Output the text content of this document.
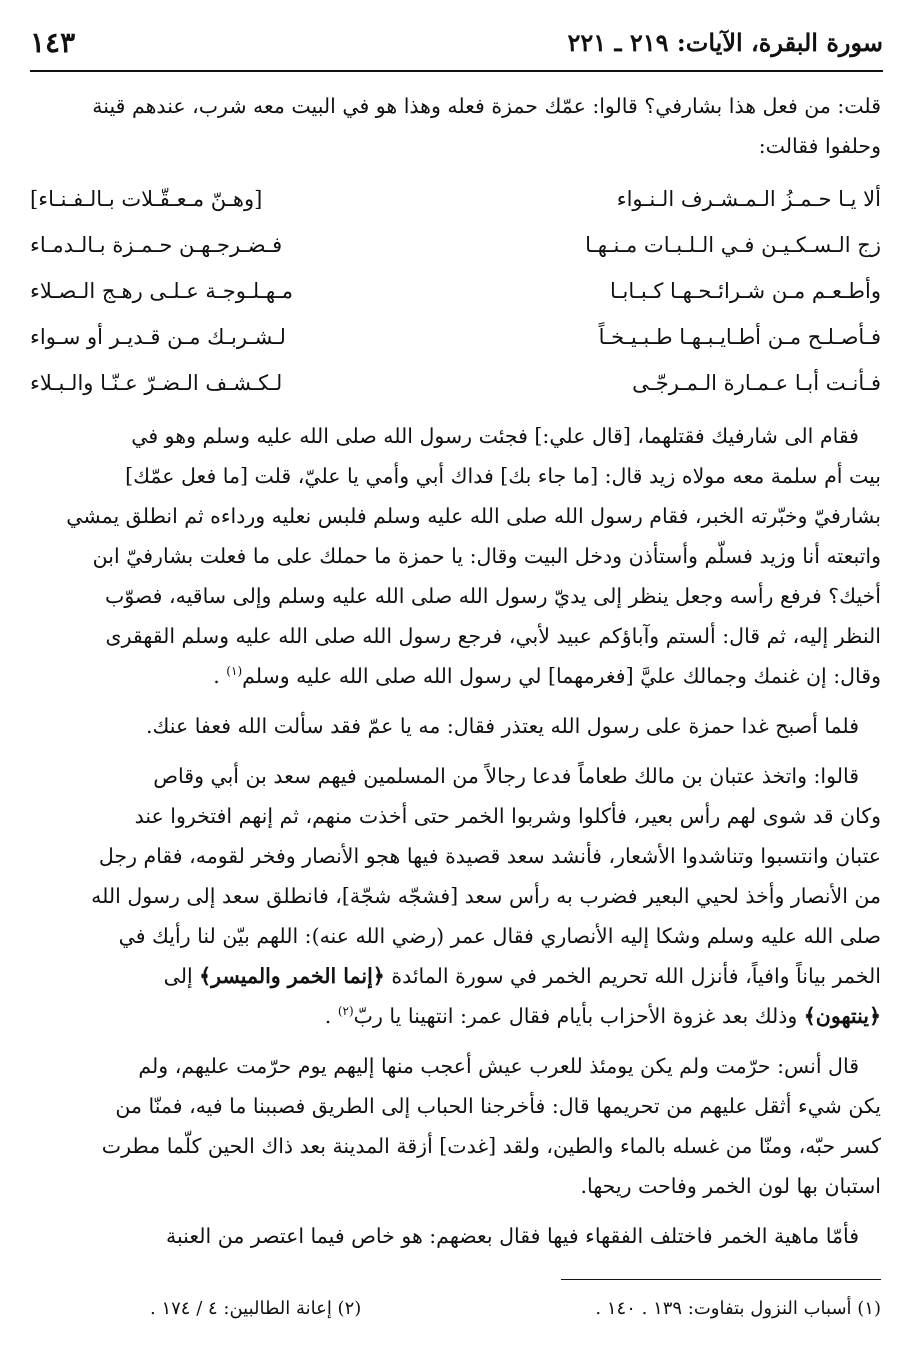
سورة البقرة، الآيات: ٢١٩ ـ ٢٢١
١٤٣

قلت: من فعل هذا بشارفي؟ قالوا: عمّك حمزة فعله وهذا هو في البيت معه شرب، عندهم قينة

وحلفوا فقالت:

ألا يـا حـمـزُ الـمـشـرف الـنـواء
[وهـنّ مـعـقّـلات بـالـفـنـاء]
زج الـسـكـيـن فـي الـلـبـات مـنـهـا
فـضـرجـهـن حـمـزة بـالـدمـاء
وأطـعـم مـن شـرائـحـهـا كـبـابـا
مـهـلـوجـة عـلـى رهـج الـصـلاء
فـأصـلـح مـن أطـايـبـهـا طـبـيـخـاً
لـشـربـك مـن قـديـر أو سـواء
فـأنـت أبـا عـمـارة الـمـرجّـى
لـكـشـف الـضـرّ عـنّـا والـبـلاء

فقام الى شارفيك فقتلهما، [قال علي:] فجئت رسول الله صلى الله عليه وسلم وهو في

بيت أم سلمة معه مولاه زيد قال: [ما جاء بك] فداك أبي وأمي يا عليّ، قلت [ما فعل عمّك]

بشارفيّ وخبّرته الخبر، فقام رسول الله صلى الله عليه وسلم فلبس نعليه ورداءه ثم انطلق يمشي

واتبعته أنا وزيد فسلّم وأستأذن ودخل البيت وقال: يا حمزة ما حملك على ما فعلت بشارفيّ ابن

أخيك؟ فرفع رأسه وجعل ينظر إلى يديّ رسول الله صلى الله عليه وسلم وإلى ساقيه، فصوّب

النظر إليه، ثم قال: ألستم وآباؤكم عبيد لأبي، فرجع رسول الله صلى الله عليه وسلم القهقرى

وقال: إن غنمك وجمالك عليَّ [فغرمهما] لي رسول الله صلى الله عليه وسلم$^{(١)}$ .

فلما أصبح غدا حمزة على رسول الله يعتذر فقال: مه يا عمّ فقد سألت الله فعفا عنك.

قالوا: واتخذ عتبان بن مالك طعاماً فدعا رجالاً من المسلمين فيهم سعد بن أبي وقاص

وكان قد شوى لهم رأس بعير، فأكلوا وشربوا الخمر حتى أخذت منهم، ثم إنهم افتخروا عند

عتبان وانتسبوا وتناشدوا الأشعار، فأنشد سعد قصيدة فيها هجو الأنصار وفخر لقومه، فقام رجل

من الأنصار وأخذ لحيي البعير فضرب به رأس سعد [فشجّه شجّة]، فانطلق سعد إلى رسول الله

صلى الله عليه وسلم وشكا إليه الأنصاري فقال عمر (رضي الله عنه): اللهم بيّن لنا رأيك في

الخمر بياناً وافياً، فأنزل الله تحريم الخمر في سورة المائدة ﴿إنما الخمر والميسر﴾ إلى

﴿ينتهون﴾ وذلك بعد غزوة الأحزاب بأيام فقال عمر: انتهينا يا ربّ$^{(٢)}$ .

قال أنس: حرّمت ولم يكن يومئذ للعرب عيش أعجب منها إليهم يوم حرّمت عليهم، ولم

يكن شيء أثقل عليهم من تحريمها قال: فأخرجنا الحباب إلى الطريق فصببنا ما فيه، فمنّا من

كسر حبّه، ومنّا من غسله بالماء والطين، ولقد [غدت] أزقة المدينة بعد ذاك الحين كلّما مطرت

استبان بها لون الخمر وفاحت ريحها.

فأمّا ماهية الخمر فاختلف الفقهاء فيها فقال بعضهم: هو خاص فيما اعتصر من العنبة

(١) أسباب النزول بتفاوت: ١٣٩ . ١٤٠ .
(٢) إعانة الطالبين: ٤ / ١٧٤ .
